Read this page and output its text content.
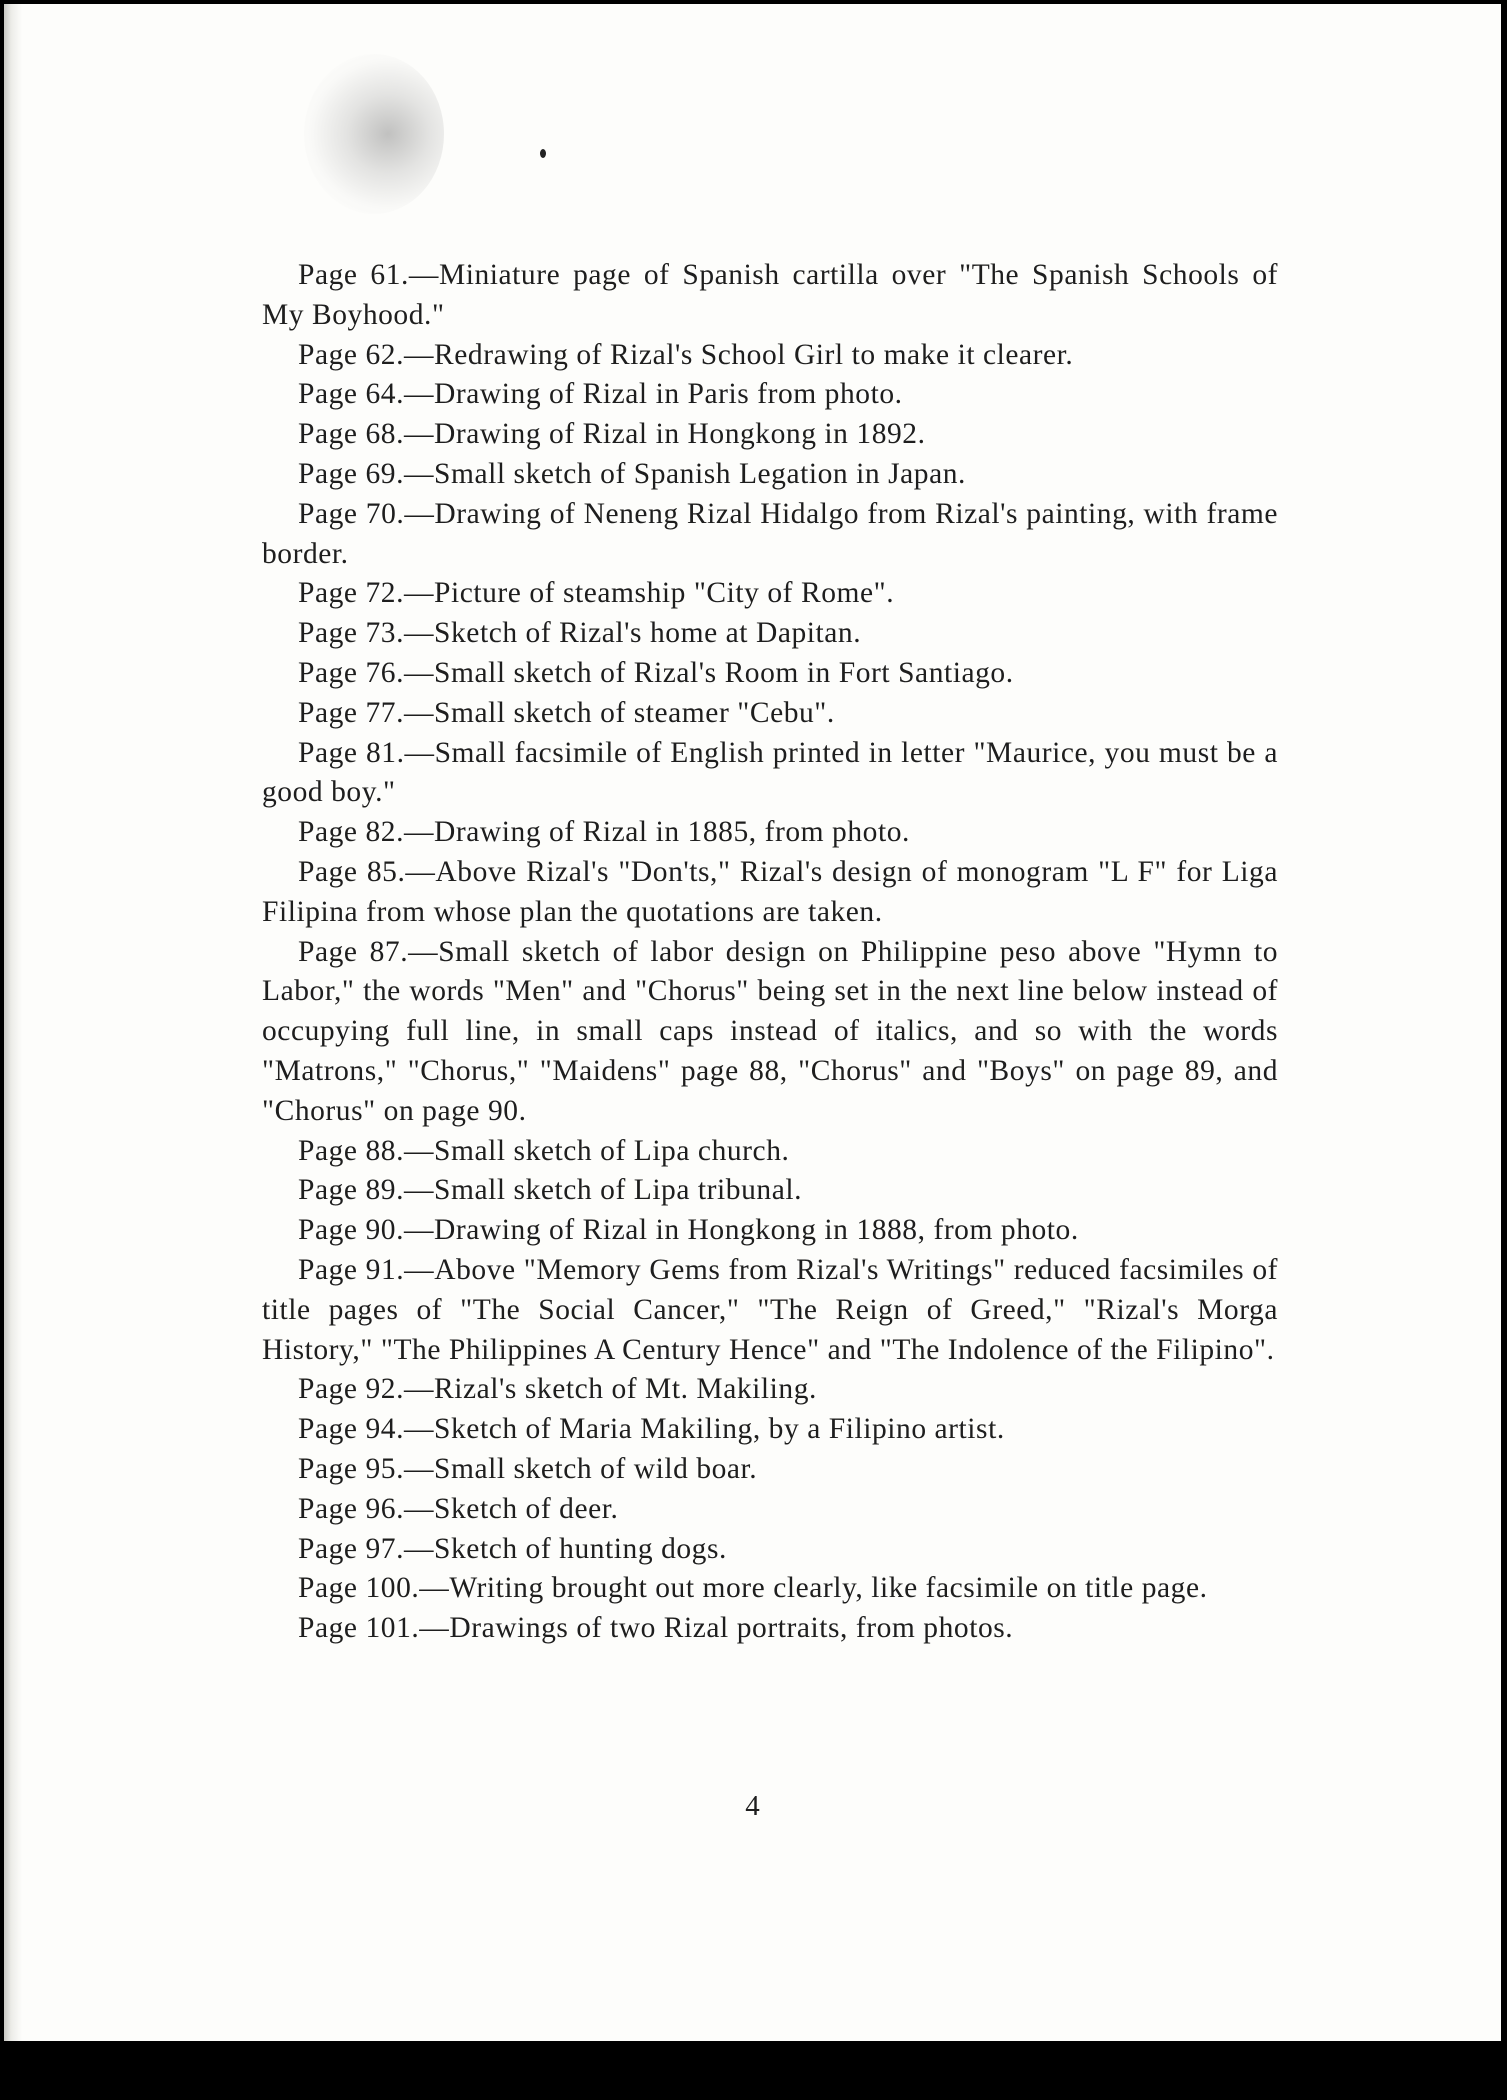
Page 61.—Miniature page of Spanish cartilla over "The Spanish Schools of My Boyhood."

Page 62.—Redrawing of Rizal's School Girl to make it clearer.

Page 64.—Drawing of Rizal in Paris from photo.

Page 68.—Drawing of Rizal in Hongkong in 1892.

Page 69.—Small sketch of Spanish Legation in Japan.

Page 70.—Drawing of Neneng Rizal Hidalgo from Rizal's painting, with frame border.

Page 72.—Picture of steamship "City of Rome".

Page 73.—Sketch of Rizal's home at Dapitan.

Page 76.—Small sketch of Rizal's Room in Fort Santiago.

Page 77.—Small sketch of steamer "Cebu".

Page 81.—Small facsimile of English printed in letter "Maurice, you must be a good boy."

Page 82.—Drawing of Rizal in 1885, from photo.

Page 85.—Above Rizal's "Don'ts," Rizal's design of monogram "L F" for Liga Filipina from whose plan the quotations are taken.

Page 87.—Small sketch of labor design on Philippine peso above "Hymn to Labor," the words "Men" and "Chorus" being set in the next line below instead of occupying full line, in small caps instead of italics, and so with the words "Matrons," "Chorus," "Maidens" page 88, "Chorus" and "Boys" on page 89, and "Chorus" on page 90.

Page 88.—Small sketch of Lipa church.

Page 89.—Small sketch of Lipa tribunal.

Page 90.—Drawing of Rizal in Hongkong in 1888, from photo.

Page 91.—Above "Memory Gems from Rizal's Writings" reduced facsimiles of title pages of "The Social Cancer," "The Reign of Greed," "Rizal's Morga History," "The Philippines A Century Hence" and "The Indolence of the Filipino".

Page 92.—Rizal's sketch of Mt. Makiling.

Page 94.—Sketch of Maria Makiling, by a Filipino artist.

Page 95.—Small sketch of wild boar.

Page 96.—Sketch of deer.

Page 97.—Sketch of hunting dogs.

Page 100.—Writing brought out more clearly, like facsimile on title page.

Page 101.—Drawings of two Rizal portraits, from photos.

4
